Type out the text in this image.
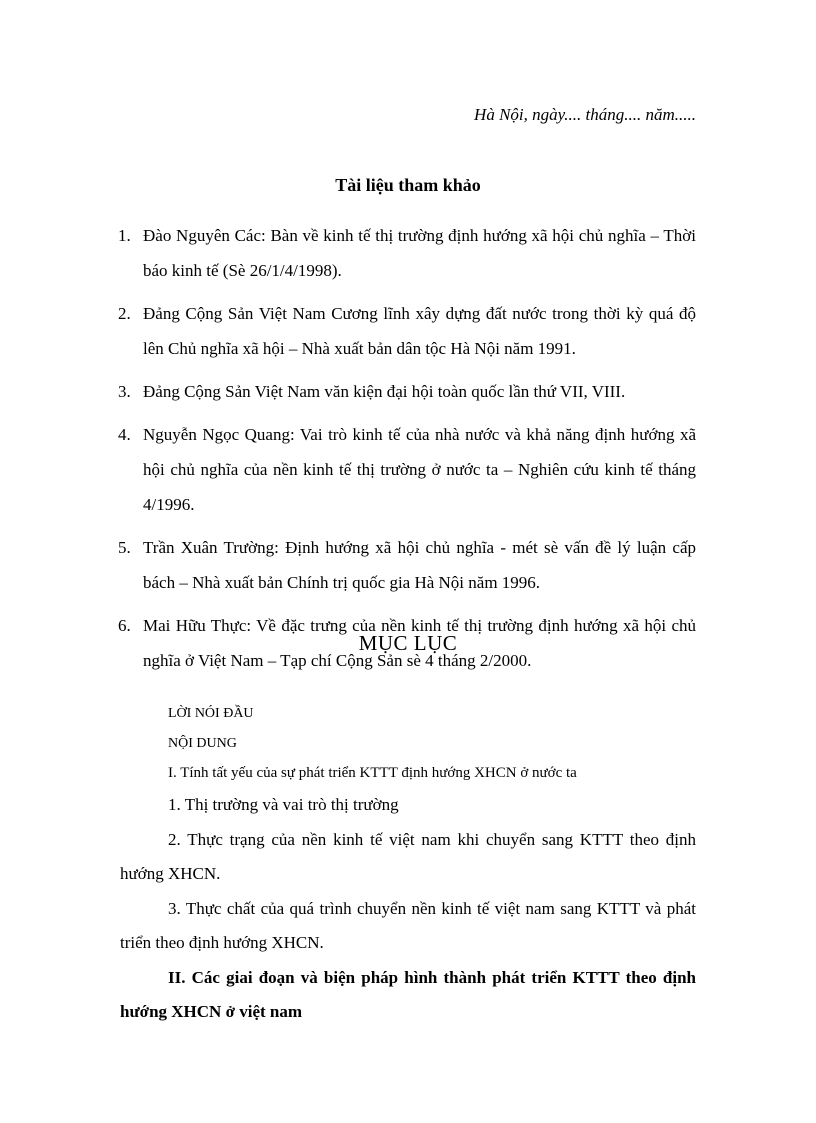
Hà Nội, ngày.... tháng.... năm.....
Tài liệu tham khảo
1. Đào Nguyên Các: Bàn về kinh tế thị trường định hướng xã hội chủ nghĩa – Thời báo kinh tế (Sè 26/1/4/1998).
2. Đảng Cộng Sản Việt Nam Cương lĩnh xây dựng đất nước trong thời kỳ quá độ lên Chủ nghĩa xã hội – Nhà xuất bản dân tộc Hà Nội năm 1991.
3. Đảng Cộng Sản Việt Nam văn kiện đại hội toàn quốc lần thứ VII, VIII.
4. Nguyễn Ngọc Quang: Vai trò kinh tế của nhà nước và khả năng định hướng xã hội chủ nghĩa của nền kinh tế thị trường ở nước ta – Nghiên cứu kinh tế tháng 4/1996.
5. Trần Xuân Trường: Định hướng xã hội chủ nghĩa - mét sè vấn đề lý luận cấp bách – Nhà xuất bản Chính trị quốc gia Hà Nội năm 1996.
6. Mai Hữu Thực: Về đặc trưng của nền kinh tế thị trường định hướng xã hội chủ nghĩa ở Việt Nam – Tạp chí Cộng Sản sè 4 tháng 2/2000.
MỤC LỤC
LỜI NÓI ĐẦU
NỘI DUNG
I. Tính tất yếu của sự phát triển KTTT định hướng XHCN ở nước ta
1. Thị trường và vai trò thị trường
2. Thực trạng của nền kinh tế việt nam khi chuyển sang KTTT theo định hướng XHCN.
3. Thực chất của quá trình chuyển nền kinh tế việt nam sang KTTT và phát triển theo định hướng XHCN.
II. Các giai đoạn và biện pháp hình thành phát triển KTTT theo định hướng XHCN ở việt nam
